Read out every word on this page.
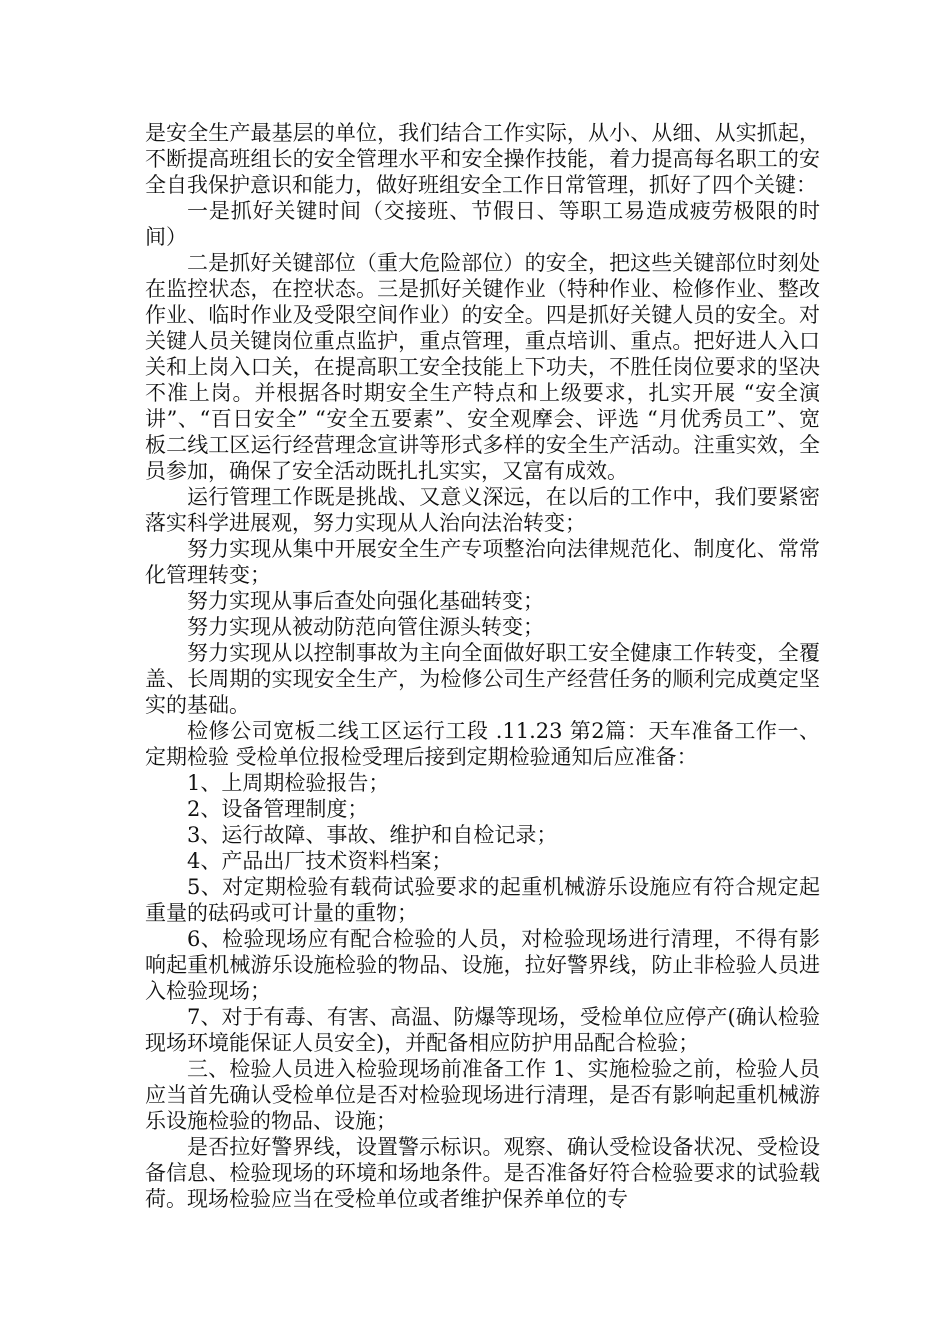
是安全生产最基层的单位，我们结合工作实际，从小、从细、从实抓起，不断提高班组长的安全管理水平和安全操作技能，着力提高每名职工的安全自我保护意识和能力，做好班组安全工作日常管理，抓好了四个关键：

一是抓好关键时间（交接班、节假日、等职工易造成疲劳极限的时间）

二是抓好关键部位（重大危险部位）的安全，把这些关键部位时刻处在监控状态，在控状态。三是抓好关键作业（特种作业、检修作业、整改作业、临时作业及受限空间作业）的安全。四是抓好关键人员的安全。对关键人员关键岗位重点监护，重点管理，重点培训、重点。把好进人入口关和上岗入口关，在提高职工安全技能上下功夫，不胜任岗位要求的坚决不准上岗。并根据各时期安全生产特点和上级要求，扎实开展 “安全演讲”、“百日安全” “安全五要素”、安全观摩会、评选 “月优秀员工”、宽板二线工区运行经营理念宣讲等形式多样的安全生产活动。注重实效，全员参加，确保了安全活动既扎扎实实，又富有成效。

运行管理工作既是挑战、又意义深远，在以后的工作中，我们要紧密落实科学进展观，努力实现从人治向法治转变；

努力实现从集中开展安全生产专项整治向法律规范化、制度化、常常化管理转变；

努力实现从事后查处向强化基础转变；

努力实现从被动防范向管住源头转变；

努力实现从以控制事故为主向全面做好职工安全健康工作转变，全覆盖、长周期的实现安全生产，为检修公司生产经营任务的顺利完成奠定坚实的基础。

检修公司宽板二线工区运行工段 .11.23 第2篇：天车准备工作一、定期检验 受检单位报检受理后接到定期检验通知后应准备：

1、上周期检验报告；

2、设备管理制度；

3、运行故障、事故、维护和自检记录；

4、产品出厂技术资料档案；

5、对定期检验有载荷试验要求的起重机械游乐设施应有符合规定起重量的砝码或可计量的重物；

6、检验现场应有配合检验的人员，对检验现场进行清理，不得有影响起重机械游乐设施检验的物品、设施，拉好警界线，防止非检验人员进入检验现场；

7、对于有毒、有害、高温、防爆等现场，受检单位应停产(确认检验现场环境能保证人员安全)，并配备相应防护用品配合检验；

三、检验人员进入检验现场前准备工作 1、实施检验之前，检验人员应当首先确认受检单位是否对检验现场进行清理，是否有影响起重机械游乐设施检验的物品、设施；

是否拉好警界线，设置警示标识。观察、确认受检设备状况、受检设备信息、检验现场的环境和场地条件。是否准备好符合检验要求的试验载荷。现场检验应当在受检单位或者维护保养单位的专
